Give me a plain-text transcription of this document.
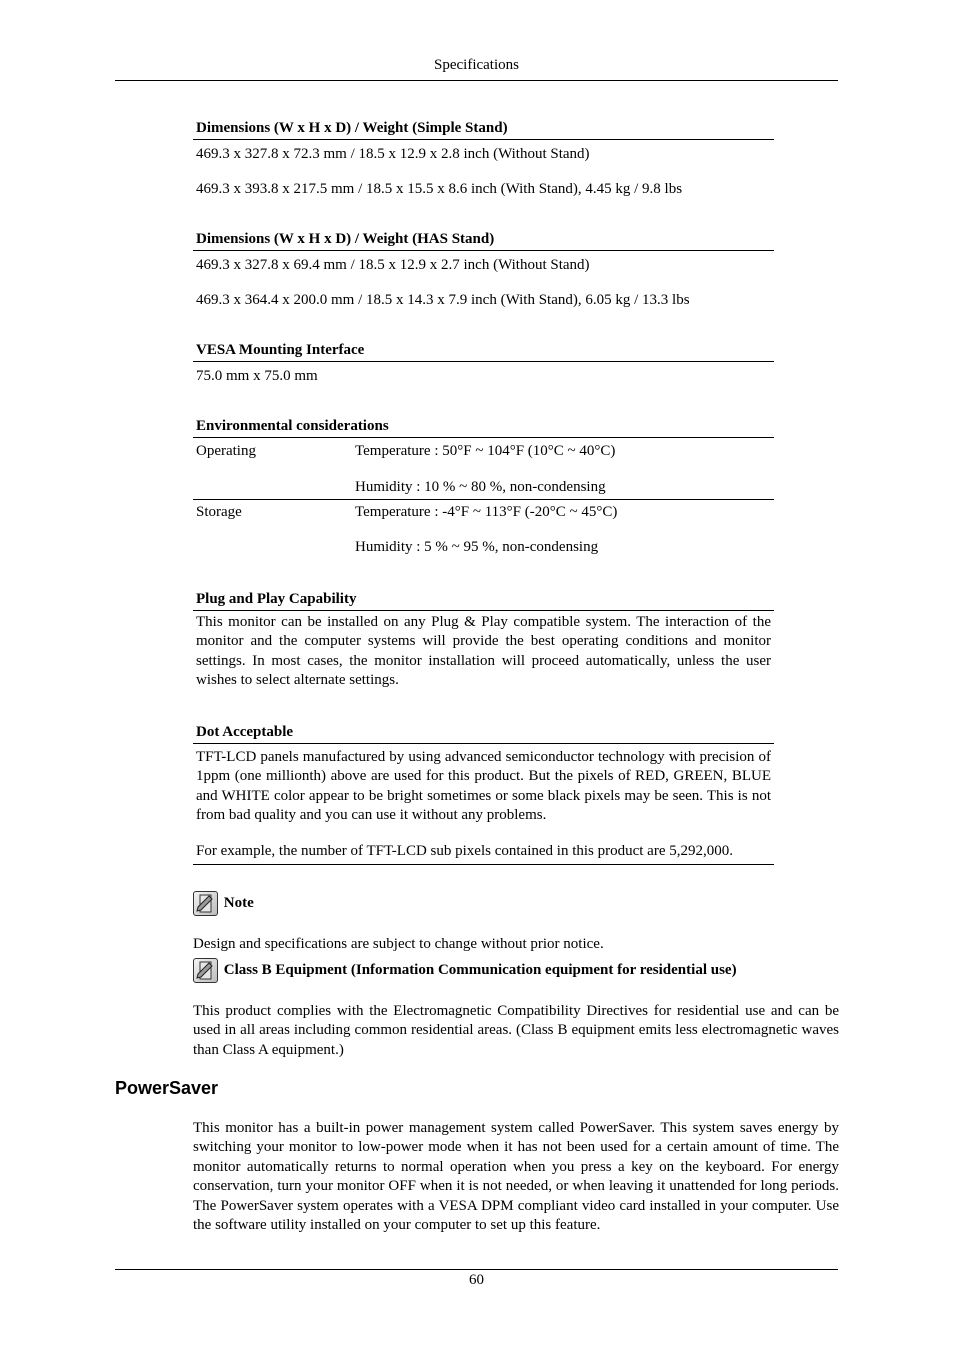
Specifications
Dimensions (W x H x D) / Weight (Simple Stand)
469.3 x 327.8 x 72.3 mm / 18.5 x 12.9 x 2.8 inch (Without Stand)
469.3 x 393.8 x 217.5 mm / 18.5 x 15.5 x 8.6 inch (With Stand), 4.45 kg / 9.8 lbs
Dimensions (W x H x D) / Weight (HAS Stand)
469.3 x 327.8 x 69.4 mm / 18.5 x 12.9 x 2.7 inch (Without Stand)
469.3 x 364.4 x 200.0 mm / 18.5 x 14.3 x 7.9 inch (With Stand), 6.05 kg / 13.3 lbs
VESA Mounting Interface
75.0 mm x 75.0 mm
Environmental considerations
Operating	Temperature : 50°F ~ 104°F (10°C ~ 40°C)
Humidity : 10 % ~ 80 %, non-condensing
Storage	Temperature : -4°F ~ 113°F (-20°C ~ 45°C)
Humidity : 5 % ~ 95 %, non-condensing
Plug and Play Capability
This monitor can be installed on any Plug & Play compatible system. The interaction of the monitor and the computer systems will provide the best operating conditions and monitor settings. In most cases, the monitor installation will proceed automatically, unless the user wishes to select alternate settings.
Dot Acceptable
TFT-LCD panels manufactured by using advanced semiconductor technology with precision of 1ppm (one millionth) above are used for this product. But the pixels of RED, GREEN, BLUE and WHITE color appear to be bright sometimes or some black pixels may be seen. This is not from bad quality and you can use it without any problems.
For example, the number of TFT-LCD sub pixels contained in this product are 5,292,000.
Note
Design and specifications are subject to change without prior notice.
Class B Equipment (Information Communication equipment for residential use)
This product complies with the Electromagnetic Compatibility Directives for residential use and can be used in all areas including common residential areas. (Class B equipment emits less electromagnetic waves than Class A equipment.)
PowerSaver
This monitor has a built-in power management system called PowerSaver. This system saves energy by switching your monitor to low-power mode when it has not been used for a certain amount of time. The monitor automatically returns to normal operation when you press a key on the keyboard. For energy conservation, turn your monitor OFF when it is not needed, or when leaving it unattended for long periods. The PowerSaver system operates with a VESA DPM compliant video card installed in your computer. Use the software utility installed on your computer to set up this feature.
60
